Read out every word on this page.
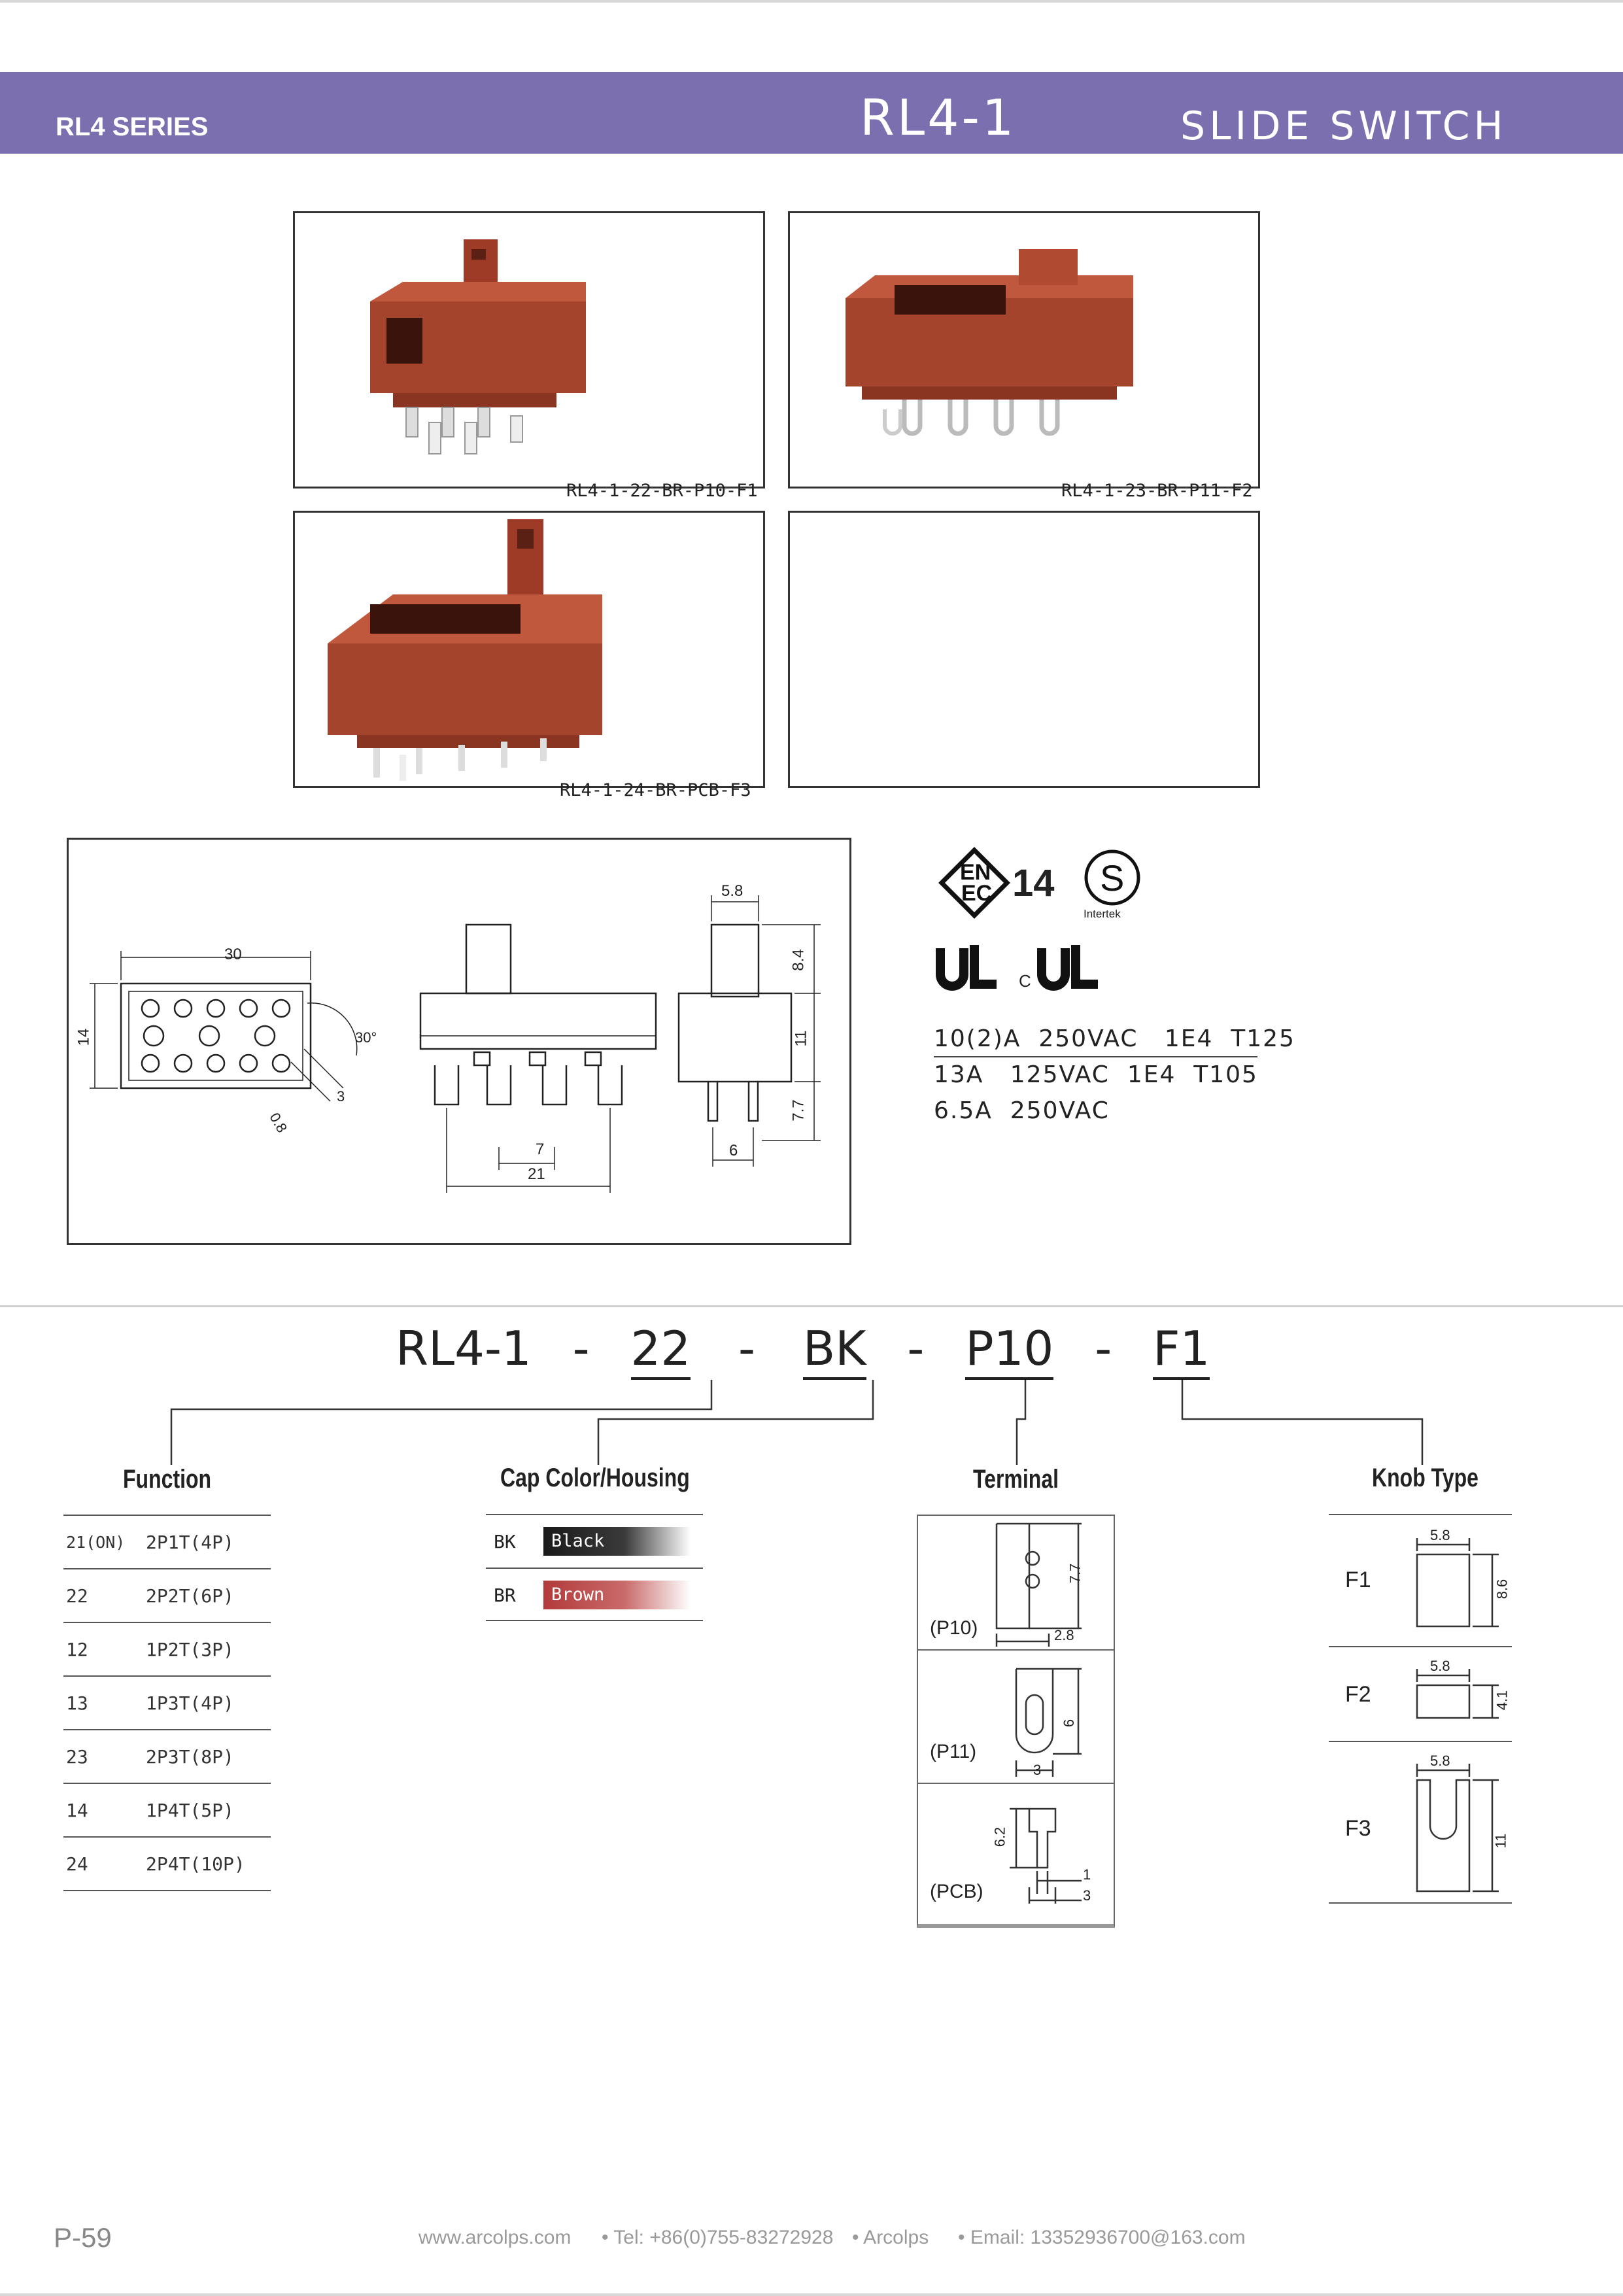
RL4 SERIES	RL4-1	SLIDE SWITCH

RL4-1-22-BR-P10-F1

	RL4-1-23-BR-P11-F2

RL4-1-24-BR-PCB-F3

30
14	30°
3
0.8
7
21
5.8
8.4
11
7.7
6
EN
EC 14 S
Intertek
C
10(2)A  250VAC   1E4  T125
13A   125VAC  1E4  T105
6.5A  250VAC
RL4-1 - 22 - BK - P10 - F1
Function
21(ON)	2P1T(4P)
22	2P2T(6P)
12	1P2T(3P)
13	1P3T(4P)
23	2P3T(8P)
14	1P4T(5P)
24	2P4T(10P)
Cap Color/Housing
BK Black
BR Brown
Terminal
(P10)
7.7
2.8
(P11)
6
3
(PCB)
6.2
1
3
Knob Type
F1
5.8
8.6
F2
5.8
4.1
F3
5.8
11
P-59	www.arcolps.com • Tel: +86(0)755-83272928 • Arcolps • Email: 13352936700@163.com
